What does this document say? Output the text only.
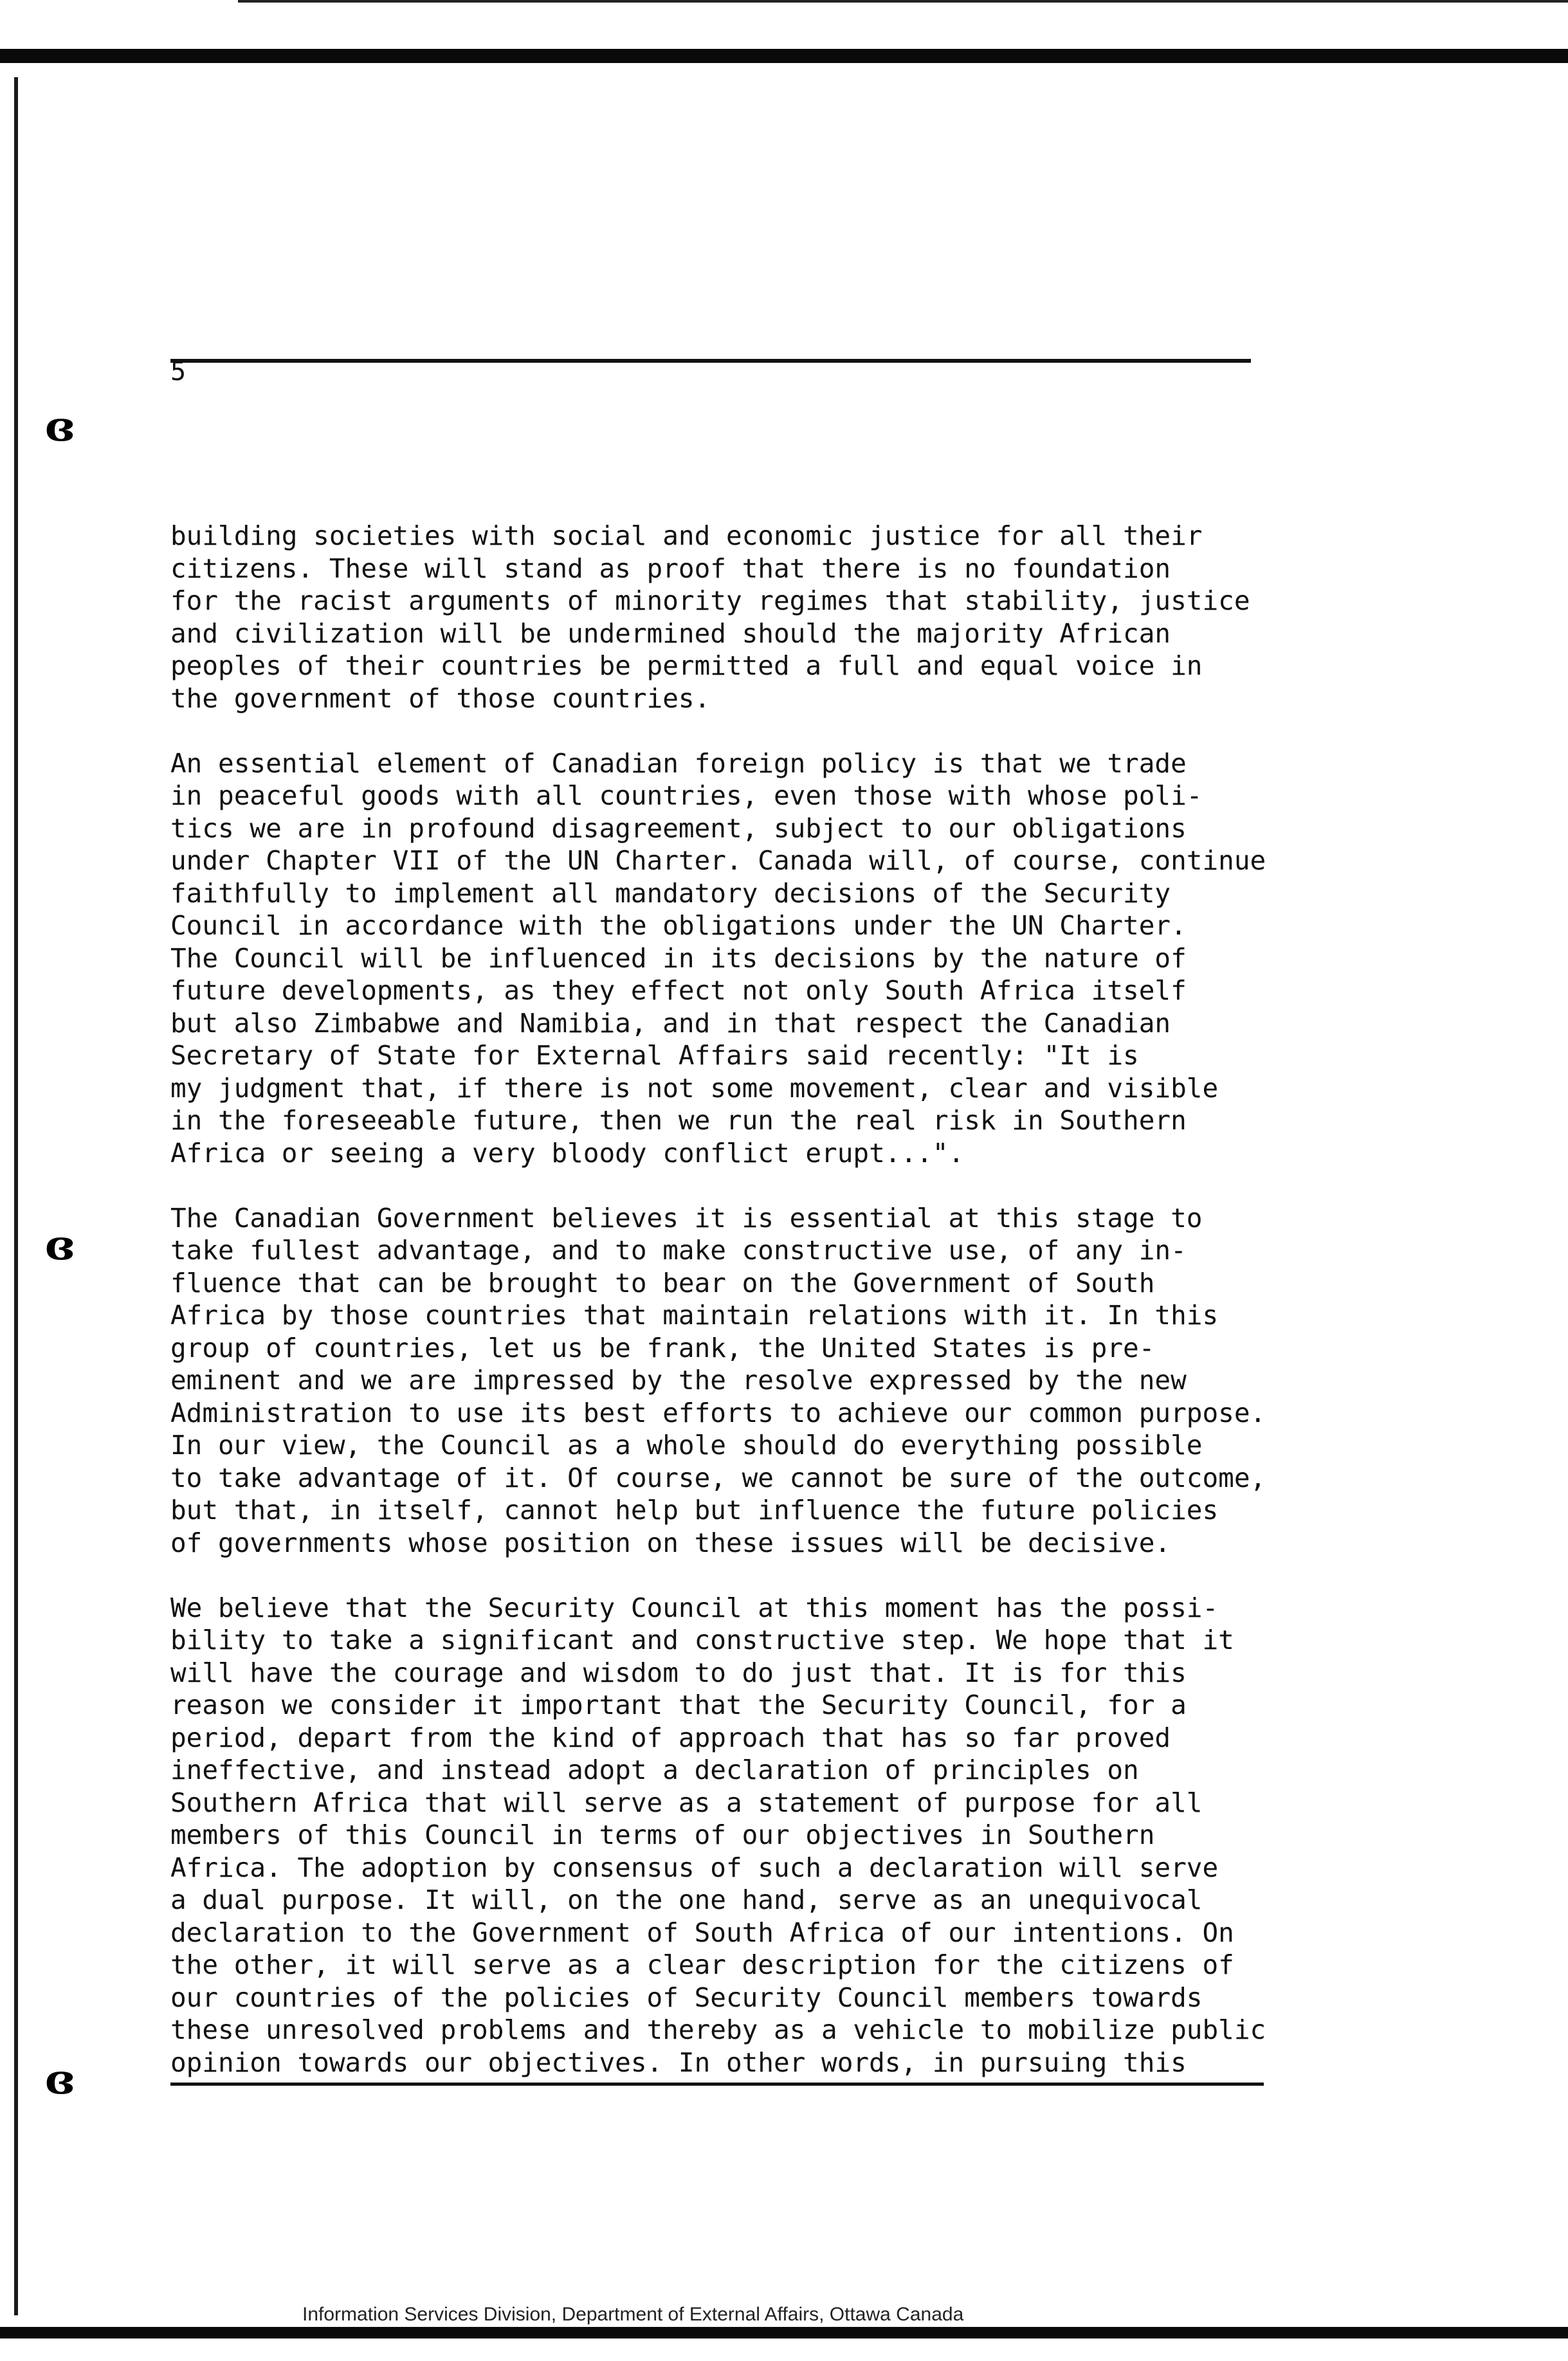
ɞ
ɞ
ɞ
5
building societies with social and economic justice for all their
citizens. These will stand as proof that there is no foundation
for the racist arguments of minority regimes that stability, justice
and civilization will be undermined should the majority African
peoples of their countries be permitted a full and equal voice in
the government of those countries.
An essential element of Canadian foreign policy is that we trade
in peaceful goods with all countries, even those with whose poli-
tics we are in profound disagreement, subject to our obligations
under Chapter VII of the UN Charter. Canada will, of course, continue
faithfully to implement all mandatory decisions of the Security
Council in accordance with the obligations under the UN Charter.
The Council will be influenced in its decisions by the nature of
future developments, as they effect not only South Africa itself
but also Zimbabwe and Namibia, and in that respect the Canadian
Secretary of State for External Affairs said recently: "It is
my judgment that, if there is not some movement, clear and visible
in the foreseeable future, then we run the real risk in Southern
Africa or seeing a very bloody conflict erupt...".
The Canadian Government believes it is essential at this stage to
take fullest advantage, and to make constructive use, of any in-
fluence that can be brought to bear on the Government of South
Africa by those countries that maintain relations with it. In this
group of countries, let us be frank, the United States is pre-
eminent and we are impressed by the resolve expressed by the new
Administration to use its best efforts to achieve our common purpose.
In our view, the Council as a whole should do everything possible
to take advantage of it. Of course, we cannot be sure of the outcome,
but that, in itself, cannot help but influence the future policies
of governments whose position on these issues will be decisive.
We believe that the Security Council at this moment has the possi-
bility to take a significant and constructive step. We hope that it
will have the courage and wisdom to do just that. It is for this
reason we consider it important that the Security Council, for a
period, depart from the kind of approach that has so far proved
ineffective, and instead adopt a declaration of principles on
Southern Africa that will serve as a statement of purpose for all
members of this Council in terms of our objectives in Southern
Africa. The adoption by consensus of such a declaration will serve
a dual purpose. It will, on the one hand, serve as an unequivocal
declaration to the Government of South Africa of our intentions. On
the other, it will serve as a clear description for the citizens of
our countries of the policies of Security Council members towards
these unresolved problems and thereby as a vehicle to mobilize public
opinion towards our objectives. In other words, in pursuing this
Information Services Division, Department of External Affairs, Ottawa Canada
